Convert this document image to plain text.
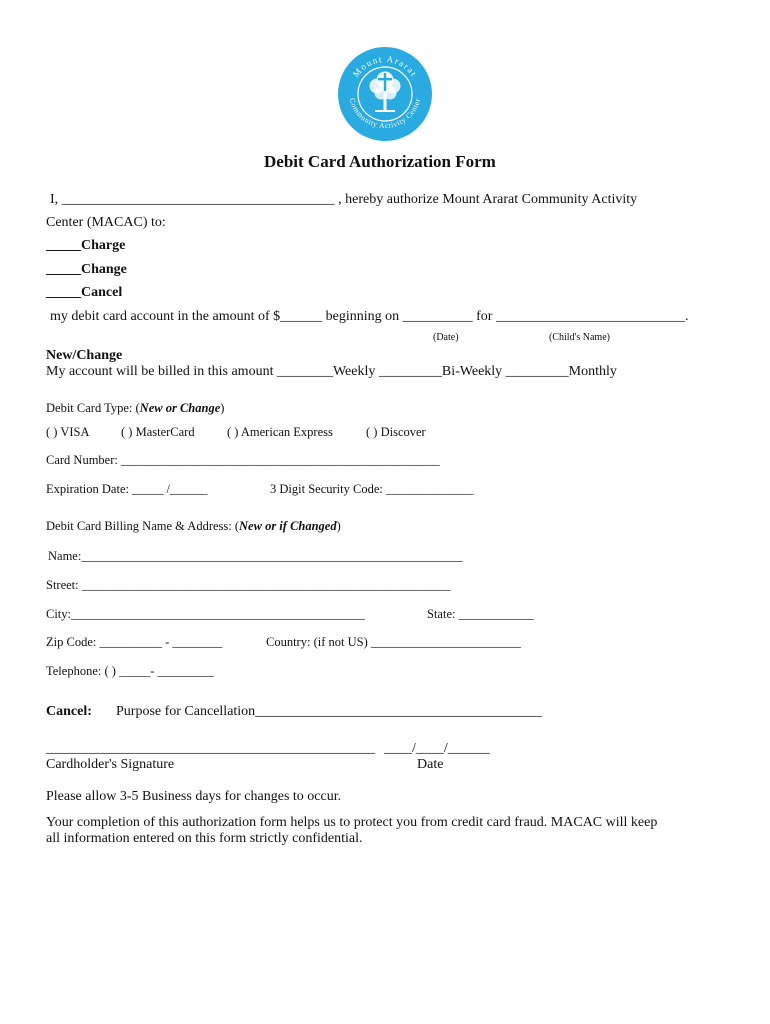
Mount Ararat
Community Activity Center
Debit Card Authorization Form
I, _______________________________________ , hereby authorize Mount Ararat Community Activity
Center (MACAC) to:
_____Charge
_____Change
_____Cancel
my debit card account in the amount of $______ beginning on __________ for ___________________________.
(Date)	(Child's Name)
New/Change
My account will be billed in this amount ________Weekly _________Bi-Weekly _________Monthly
Debit Card Type: (New or Change)
( ) VISA	( ) MasterCard	( ) American Express	( ) Discover
Card Number: ___________________________________________________
Expiration Date: _____ /______	3 Digit Security Code: ______________
Debit Card Billing Name & Address: (New or if Changed)
Name:_____________________________________________________________
Street: ___________________________________________________________
City:_______________________________________________	State: ____________
Zip Code: __________ - ________	Country: (if not US) ________________________
Telephone: ( ) _____- _________
Cancel: Purpose for Cancellation_________________________________________
_______________________________________________ ____/____/______
Cardholder's Signature	Date
Please allow 3-5 Business days for changes to occur.
Your completion of this authorization form helps us to protect you from credit card fraud. MACAC will keep
all information entered on this form strictly confidential.
